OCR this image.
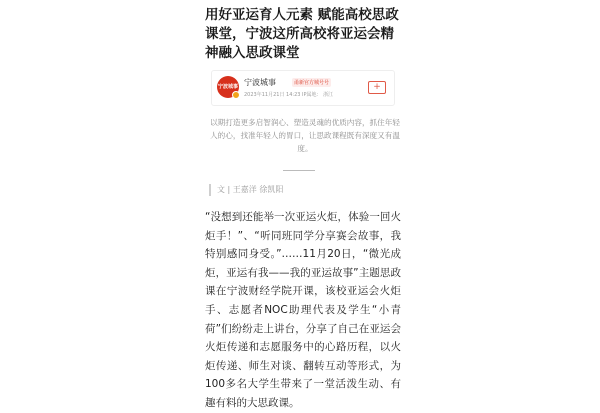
用好亚运育人元素 赋能高校思政课堂，宁波这所高校将亚运会精神融入思政课堂
宁波城事 宁波城事	甬新官方城号号
2023年11月21日 14:23 IP属地： 浙江
+

以期打造更多启智润心、塑造灵魂的优质内容，抓住年轻人的心，找准年轻人的胃口，让思政课程既有深度又有温度。

文 | 王嘉洋 徐凯阳

“没想到还能举一次亚运火炬，体验一回火炬手！”、“听同班同学分享赛会故事，我特别感同身受。”……11月20日，“微光成炬，亚运有我——我的亚运故事”主题思政课在宁波财经学院开课，该校亚运会火炬手、志愿者NOC助理代表及学生“小青荷”们纷纷走上讲台，分享了自己在亚运会火炬传递和志愿服务中的心路历程，以火炬传递、师生对谈、翻转互动等形式，为100多名大学生带来了一堂活泼生动、有趣有料的大思政课。
